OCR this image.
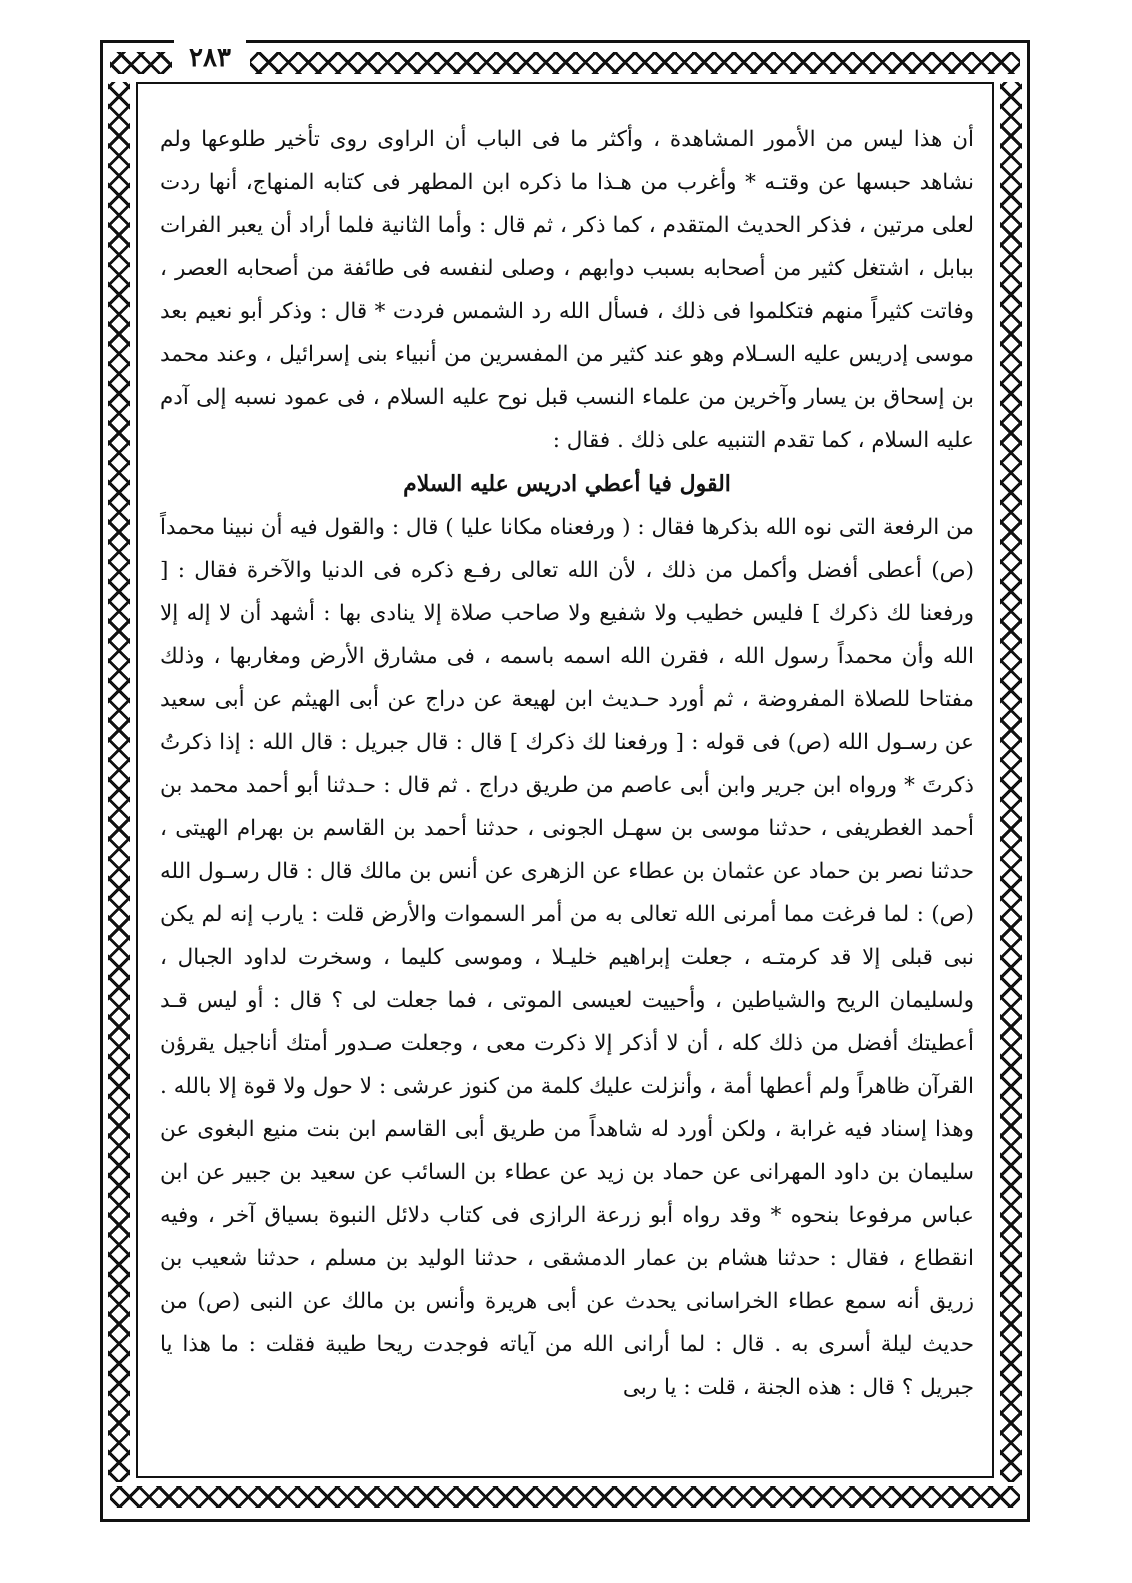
٢٨٣

أن هذا ليس من الأمور المشاهدة ، وأكثر ما فى الباب أن الراوى روى تأخير طلوعها ولم نشاهد حبسها عن وقتـه * وأغرب من هـذا ما ذكره ابن المطهر فى كتابه المنهاج، أنها ردت لعلى مرتين ، فذكر الحديث المتقدم ، كما ذكر ، ثم قال : وأما الثانية فلما أراد أن يعبر الفرات ببابل ، اشتغل كثير من أصحابه بسبب دوابهم ، وصلى لنفسه فى طائفة من أصحابه العصر ، وفاتت كثيراً منهم فتكلموا فى ذلك ، فسأل الله رد الشمس فردت * قال : وذكر أبو نعيم بعد موسى إدريس عليه السـلام وهو عند كثير من المفسرين من أنبياء بنى إسرائيل ، وعند محمد بن إسحاق بن يسار وآخرين من علماء النسب قبل نوح عليه السلام ، فى عمود نسبه إلى آدم عليه السلام ، كما تقدم التنبيه على ذلك . فقال :

القول فيا أعطي ادريس عليه السلام

من الرفعة التى نوه الله بذكرها فقال : ( ورفعناه مكانا عليا ) قال : والقول فيه أن نبينا محمداً (ص) أعطى أفضل وأكمل من ذلك ، لأن الله تعالى رفـع ذكره فى الدنيا والآخرة فقال : [ ورفعنا لك ذكرك ] فليس خطيب ولا شفيع ولا صاحب صلاة إلا ينادى بها : أشهد أن لا إله إلا الله وأن محمداً رسول الله ، فقرن الله اسمه باسمه ، فى مشارق الأرض ومغاربها ، وذلك مفتاحا للصلاة المفروضة ، ثم أورد حـديث ابن لهيعة عن دراج عن أبى الهيثم عن أبى سعيد عن رسـول الله (ص) فى قوله : [ ورفعنا لك ذكرك ] قال : قال جبريل : قال الله : إذا ذكرتُ ذكرتَ * ورواه ابن جرير وابن أبى عاصم من طريق دراج . ثم قال : حـدثنا أبو أحمد محمد بن أحمد الغطريفى ، حدثنا موسى بن سهـل الجونى ، حدثنا أحمد بن القاسم بن بهرام الهيتى ، حدثنا نصر بن حماد عن عثمان بن عطاء عن الزهرى عن أنس بن مالك قال : قال رسـول الله (ص) : لما فرغت مما أمرنى الله تعالى به من أمر السموات والأرض قلت : يارب إنه لم يكن نبى قبلى إلا قد كرمتـه ، جعلت إبراهيم خليـلا ، وموسى كليما ، وسخرت لداود الجبال ، ولسليمان الريح والشياطين ، وأحييت لعيسى الموتى ، فما جعلت لى ؟ قال : أو ليس قـد أعطيتك أفضل من ذلك كله ، أن لا أذكر إلا ذكرت معى ، وجعلت صـدور أمتك أناجيل يقرؤن القرآن ظاهراً ولم أعطها أمة ، وأنزلت عليك كلمة من كنوز عرشى : لا حول ولا قوة إلا بالله . وهذا إسناد فيه غرابة ، ولكن أورد له شاهداً من طريق أبى القاسم ابن بنت منيع البغوى عن سليمان بن داود المهرانى عن حماد بن زيد عن عطاء بن السائب عن سعيد بن جبير عن ابن عباس مرفوعا بنحوه * وقد رواه أبو زرعة الرازى فى كتاب دلائل النبوة بسياق آخر ، وفيه انقطاع ، فقال : حدثنا هشام بن عمار الدمشقى ، حدثنا الوليد بن مسلم ، حدثنا شعيب بن زريق أنه سمع عطاء الخراسانى يحدث عن أبى هريرة وأنس بن مالك عن النبى (ص) من حديث ليلة أسرى به . قال : لما أرانى الله من آياته فوجدت ريحا طيبة فقلت : ما هذا يا جبريل ؟ قال : هذه الجنة ، قلت : يا ربى
